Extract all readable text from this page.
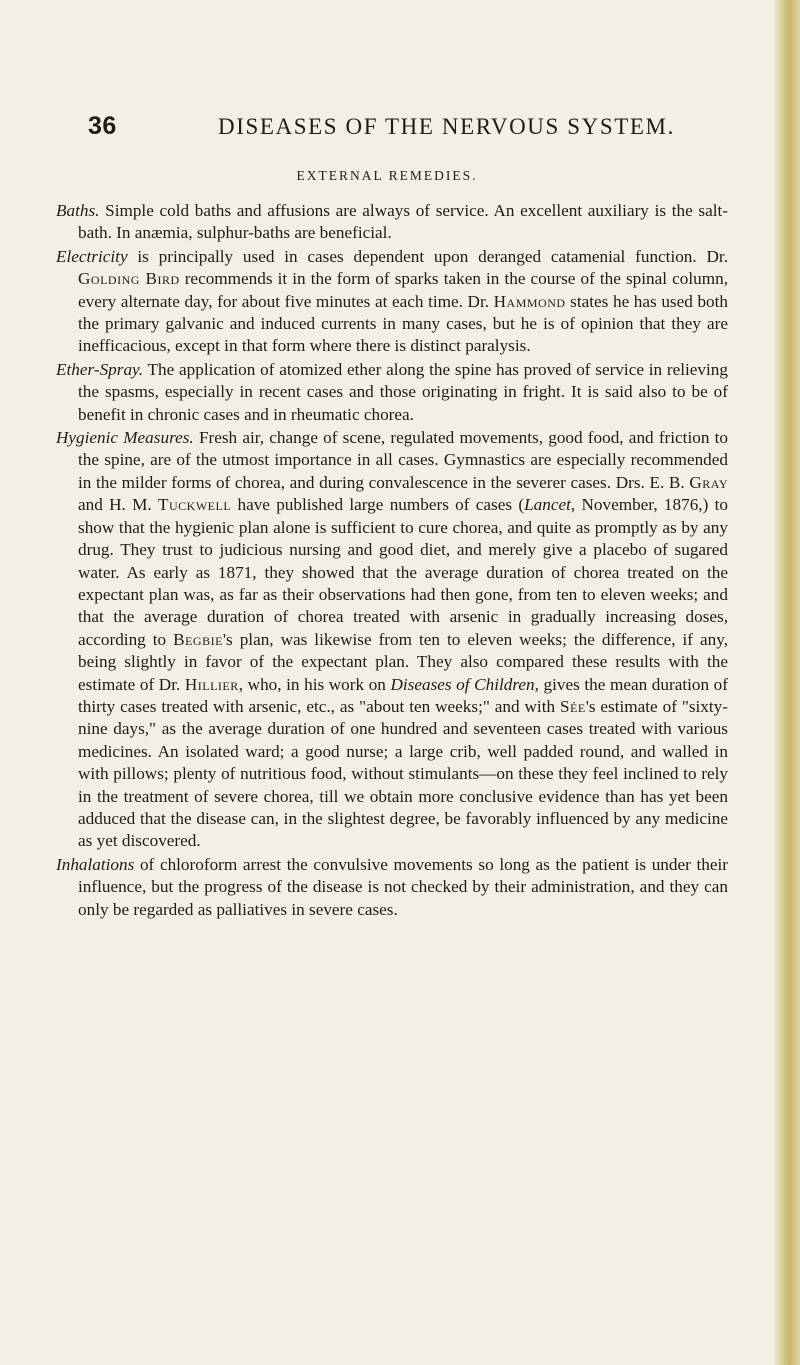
36	DISEASES OF THE NERVOUS SYSTEM.
EXTERNAL REMEDIES.

Baths. Simple cold baths and affusions are always of service. An excellent auxiliary is the salt-bath. In anæmia, sulphur-baths are beneficial.

Electricity is principally used in cases dependent upon deranged catamenial function. Dr. Golding Bird recommends it in the form of sparks taken in the course of the spinal column, every alternate day, for about five minutes at each time. Dr. Hammond states he has used both the primary galvanic and induced currents in many cases, but he is of opinion that they are inefficacious, except in that form where there is distinct paralysis.

Ether-Spray. The application of atomized ether along the spine has proved of service in relieving the spasms, especially in recent cases and those originating in fright. It is said also to be of benefit in chronic cases and in rheumatic chorea.

Hygienic Measures. Fresh air, change of scene, regulated movements, good food, and friction to the spine, are of the utmost importance in all cases. Gymnastics are especially recommended in the milder forms of chorea, and during convalescence in the severer cases. Drs. E. B. Gray and H. M. Tuckwell have published large numbers of cases (Lancet, November, 1876,) to show that the hygienic plan alone is sufficient to cure chorea, and quite as promptly as by any drug. They trust to judicious nursing and good diet, and merely give a placebo of sugared water. As early as 1871, they showed that the average duration of chorea treated on the expectant plan was, as far as their observations had then gone, from ten to eleven weeks; and that the average duration of chorea treated with arsenic in gradually increasing doses, according to Begbie's plan, was likewise from ten to eleven weeks; the difference, if any, being slightly in favor of the expectant plan. They also compared these results with the estimate of Dr. Hillier, who, in his work on Diseases of Children, gives the mean duration of thirty cases treated with arsenic, etc., as "about ten weeks;" and with Sée's estimate of "sixty-nine days," as the average duration of one hundred and seventeen cases treated with various medicines. An isolated ward; a good nurse; a large crib, well padded round, and walled in with pillows; plenty of nutritious food, without stimulants—on these they feel inclined to rely in the treatment of severe chorea, till we obtain more conclusive evidence than has yet been adduced that the disease can, in the slightest degree, be favorably influenced by any medicine as yet discovered.

Inhalations of chloroform arrest the convulsive movements so long as the patient is under their influence, but the progress of the disease is not checked by their administration, and they can only be regarded as palliatives in severe cases.
